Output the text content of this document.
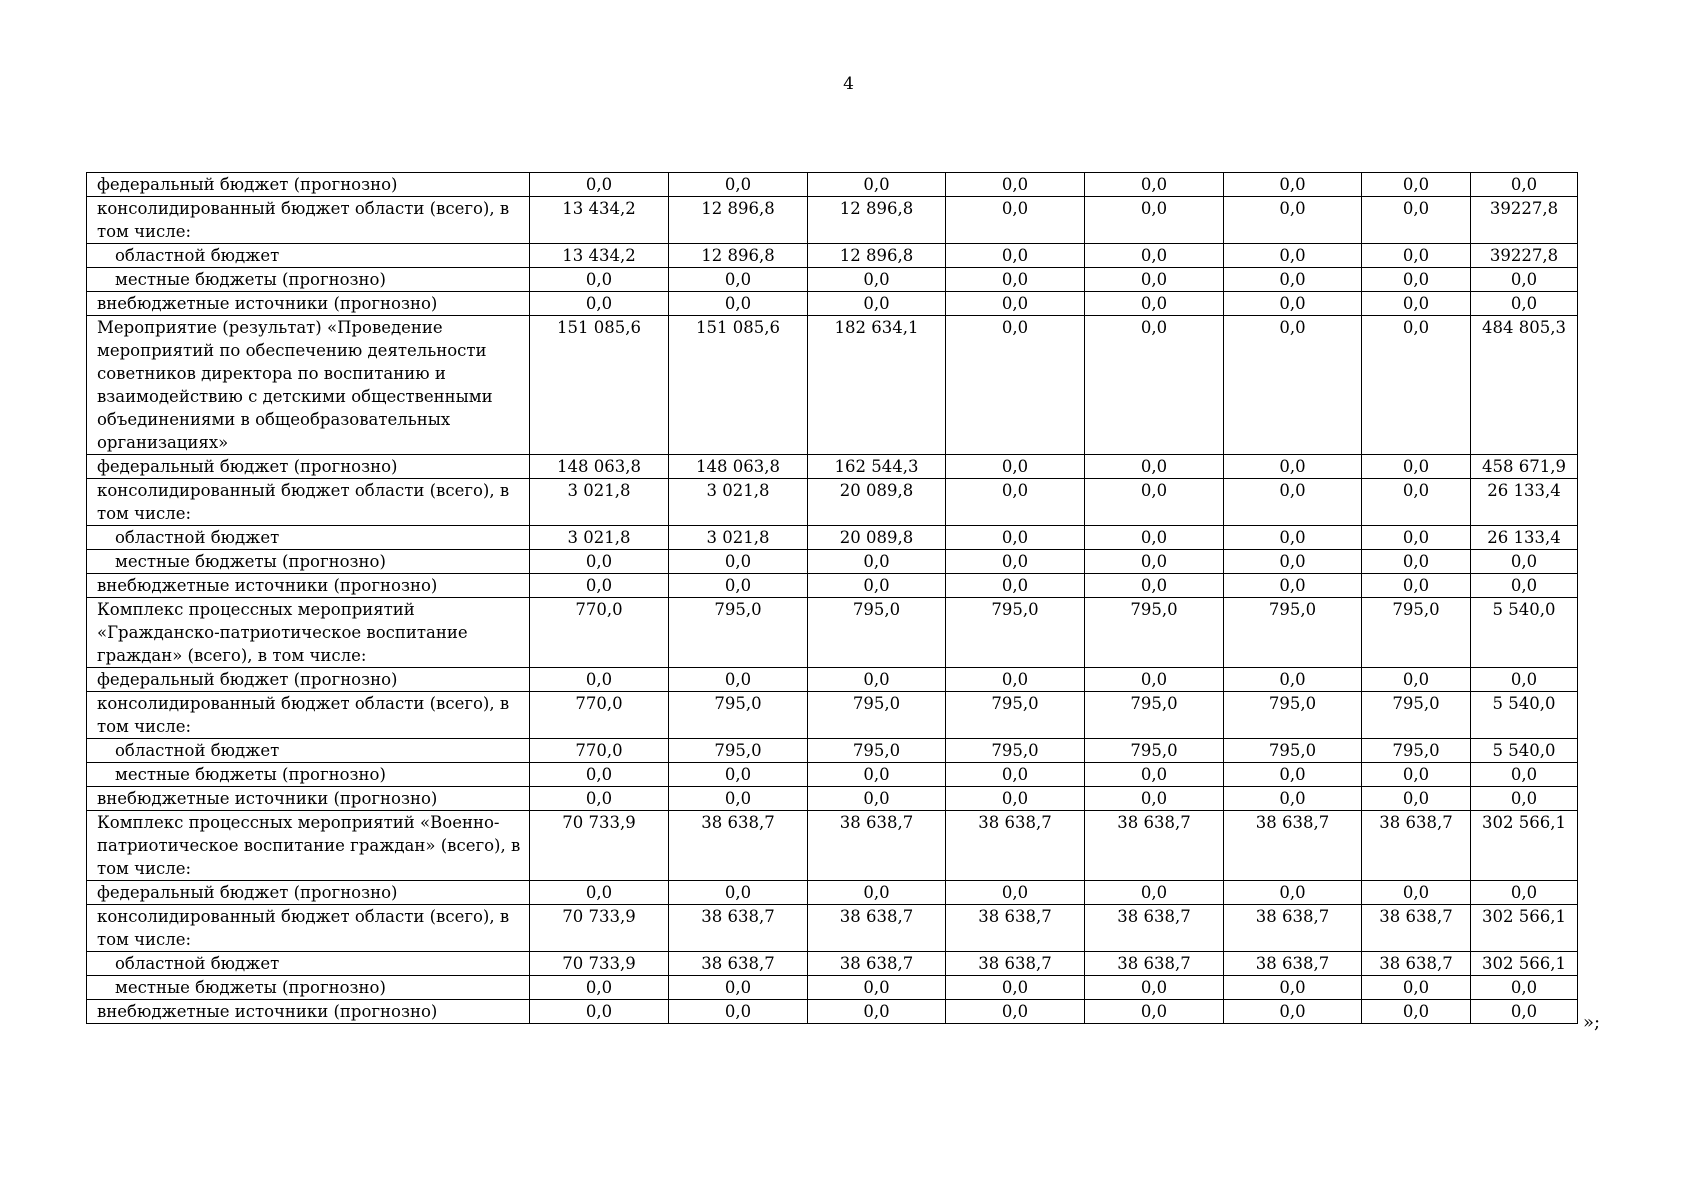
4
федеральный бюджет (прогнозно)	0,0	0,0	0,0	0,0	0,0	0,0	0,0	0,0
консолидированный бюджет области (всего), в том числе:	13 434,2	12 896,8	12 896,8	0,0	0,0	0,0	0,0	39227,8
областной бюджет	13 434,2	12 896,8	12 896,8	0,0	0,0	0,0	0,0	39227,8
местные бюджеты (прогнозно)	0,0	0,0	0,0	0,0	0,0	0,0	0,0	0,0
внебюджетные источники (прогнозно)	0,0	0,0	0,0	0,0	0,0	0,0	0,0	0,0
Мероприятие (результат) «Проведение мероприятий по обеспечению деятельности советников директора по воспитанию и взаимодействию с детскими общественными объединениями в общеобразовательных организациях»	151 085,6	151 085,6	182 634,1	0,0	0,0	0,0	0,0	484 805,3
федеральный бюджет (прогнозно)	148 063,8	148 063,8	162 544,3	0,0	0,0	0,0	0,0	458 671,9
консолидированный бюджет области (всего), в том числе:	3 021,8	3 021,8	20 089,8	0,0	0,0	0,0	0,0	26 133,4
областной бюджет	3 021,8	3 021,8	20 089,8	0,0	0,0	0,0	0,0	26 133,4
местные бюджеты (прогнозно)	0,0	0,0	0,0	0,0	0,0	0,0	0,0	0,0
внебюджетные источники (прогнозно)	0,0	0,0	0,0	0,0	0,0	0,0	0,0	0,0
Комплекс процессных мероприятий «Гражданско-патриотическое воспитание граждан» (всего), в том числе:	770,0	795,0	795,0	795,0	795,0	795,0	795,0	5 540,0
федеральный бюджет (прогнозно)	0,0	0,0	0,0	0,0	0,0	0,0	0,0	0,0
консолидированный бюджет области (всего), в том числе:	770,0	795,0	795,0	795,0	795,0	795,0	795,0	5 540,0
областной бюджет	770,0	795,0	795,0	795,0	795,0	795,0	795,0	5 540,0
местные бюджеты (прогнозно)	0,0	0,0	0,0	0,0	0,0	0,0	0,0	0,0
внебюджетные источники (прогнозно)	0,0	0,0	0,0	0,0	0,0	0,0	0,0	0,0
Комплекс процессных мероприятий «Военно-патриотическое воспитание граждан» (всего), в том числе:	70 733,9	38 638,7	38 638,7	38 638,7	38 638,7	38 638,7	38 638,7	302 566,1
федеральный бюджет (прогнозно)	0,0	0,0	0,0	0,0	0,0	0,0	0,0	0,0
консолидированный бюджет области (всего), в том числе:	70 733,9	38 638,7	38 638,7	38 638,7	38 638,7	38 638,7	38 638,7	302 566,1
областной бюджет	70 733,9	38 638,7	38 638,7	38 638,7	38 638,7	38 638,7	38 638,7	302 566,1
местные бюджеты (прогнозно)	0,0	0,0	0,0	0,0	0,0	0,0	0,0	0,0
внебюджетные источники (прогнозно)	0,0	0,0	0,0	0,0	0,0	0,0	0,0	0,0
»;
